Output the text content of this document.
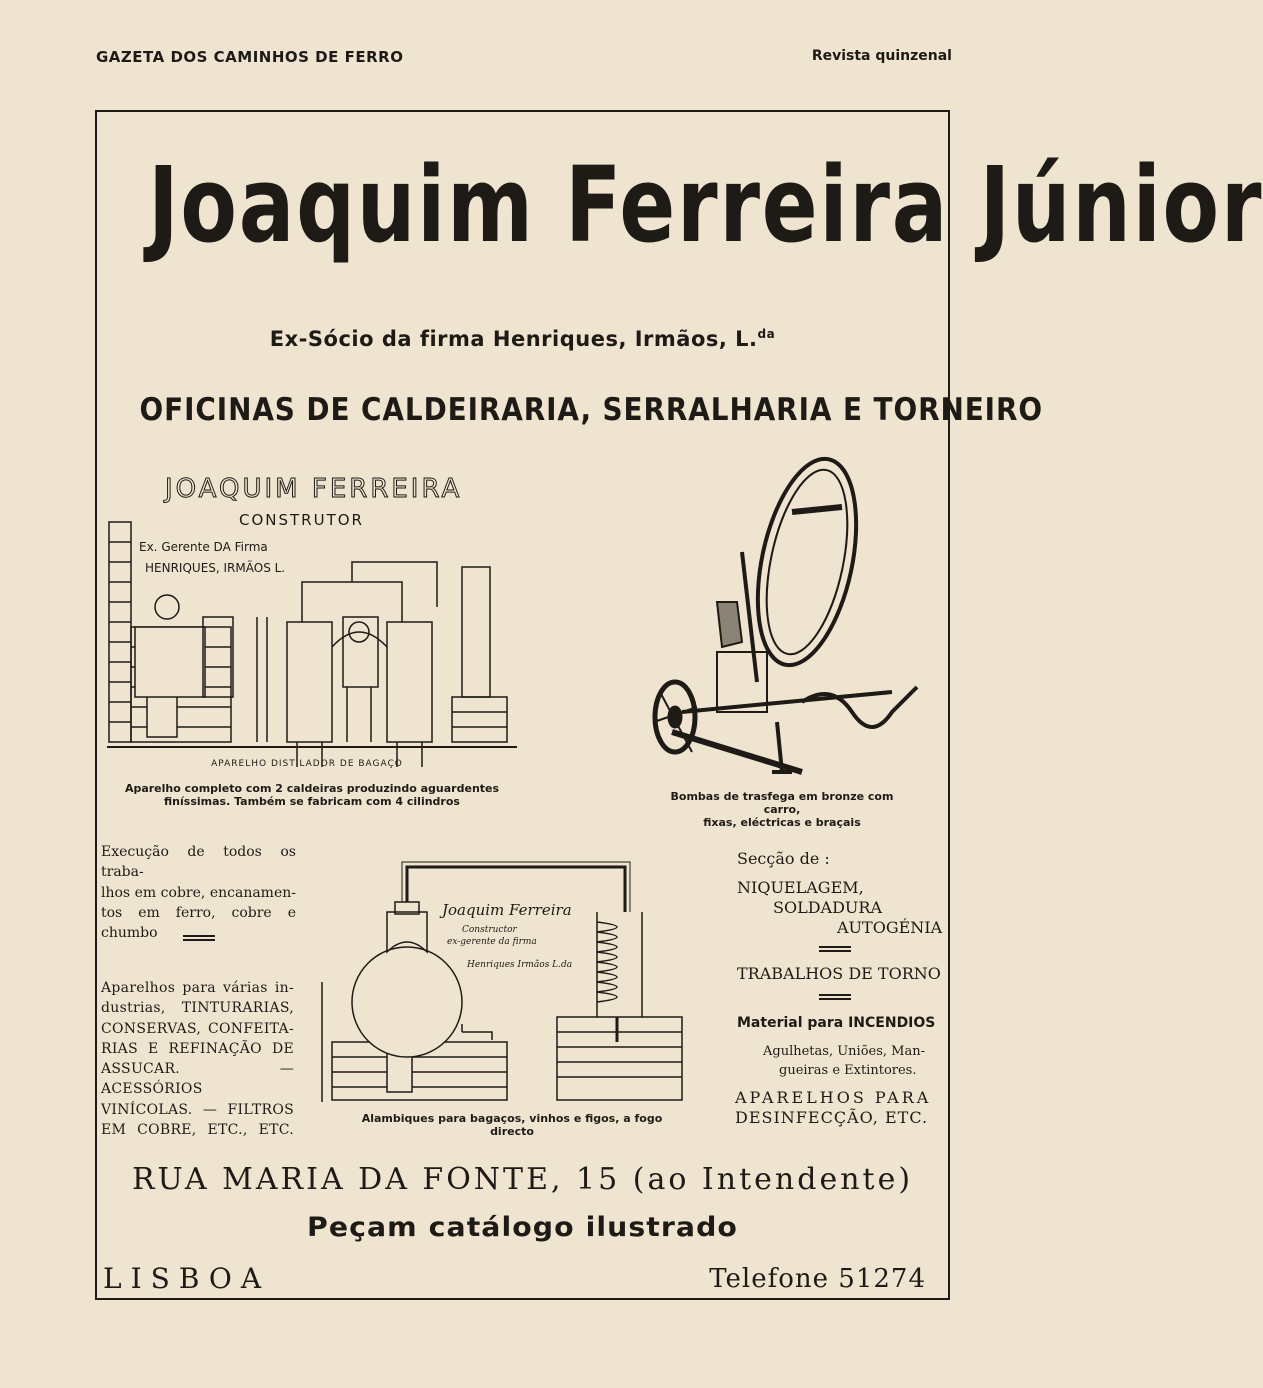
GAZETA DOS CAMINHOS DE FERRO	Revista quinzenal
Joaquim Ferreira Júnior
Ex-Sócio da firma Henriques, Irmãos, L.$^{da}$
OFICINAS DE CALDEIRARIA, SERRALHARIA E TORNEIRO
JOAQUIM FERREIRA
CONSTRUTOR
Ex. Gerente DA Firma
HENRIQUES, IRMÃOS L.
APARELHO DISTILADOR DE BAGAÇO
Aparelho completo com 2 caldeiras produzindo aguardentes
finíssimas. Também se fabricam com 4 cilindros	Bombas de trasfega em bronze com carro,
fixas, eléctricas e braçais
Execução de todos os traba-
lhos em cobre, encanamen-
tos em ferro, cobre e chumbo
Aparelhos para várias in-
dustrias, TINTURARIAS,
CONSERVAS, CONFEITA-
RIAS E REFINAÇÃO DE
ASSUCAR. — ACESSÓRIOS
VINÍCOLAS. — FILTROS
EM COBRE, ETC., ETC.
Joaquim Ferreira
Constructor
ex-gerente da firma
Henriques Irmãos L.da
Alambiques para bagaços, vinhos e figos, a fogo directo
Secção de :
NIQUELAGEM,
SOLDADURA
AUTOGÉNIA
TRABALHOS DE TORNO
Material para INCENDIOS
Agulhetas, Uniões, Man-
gueiras e Extintores.
APARELHOS PARA
DESINFECÇÃO, ETC.
RUA MARIA DA FONTE, 15 (ao Intendente)
Peçam catálogo ilustrado
LISBOA	Telefone 51274
